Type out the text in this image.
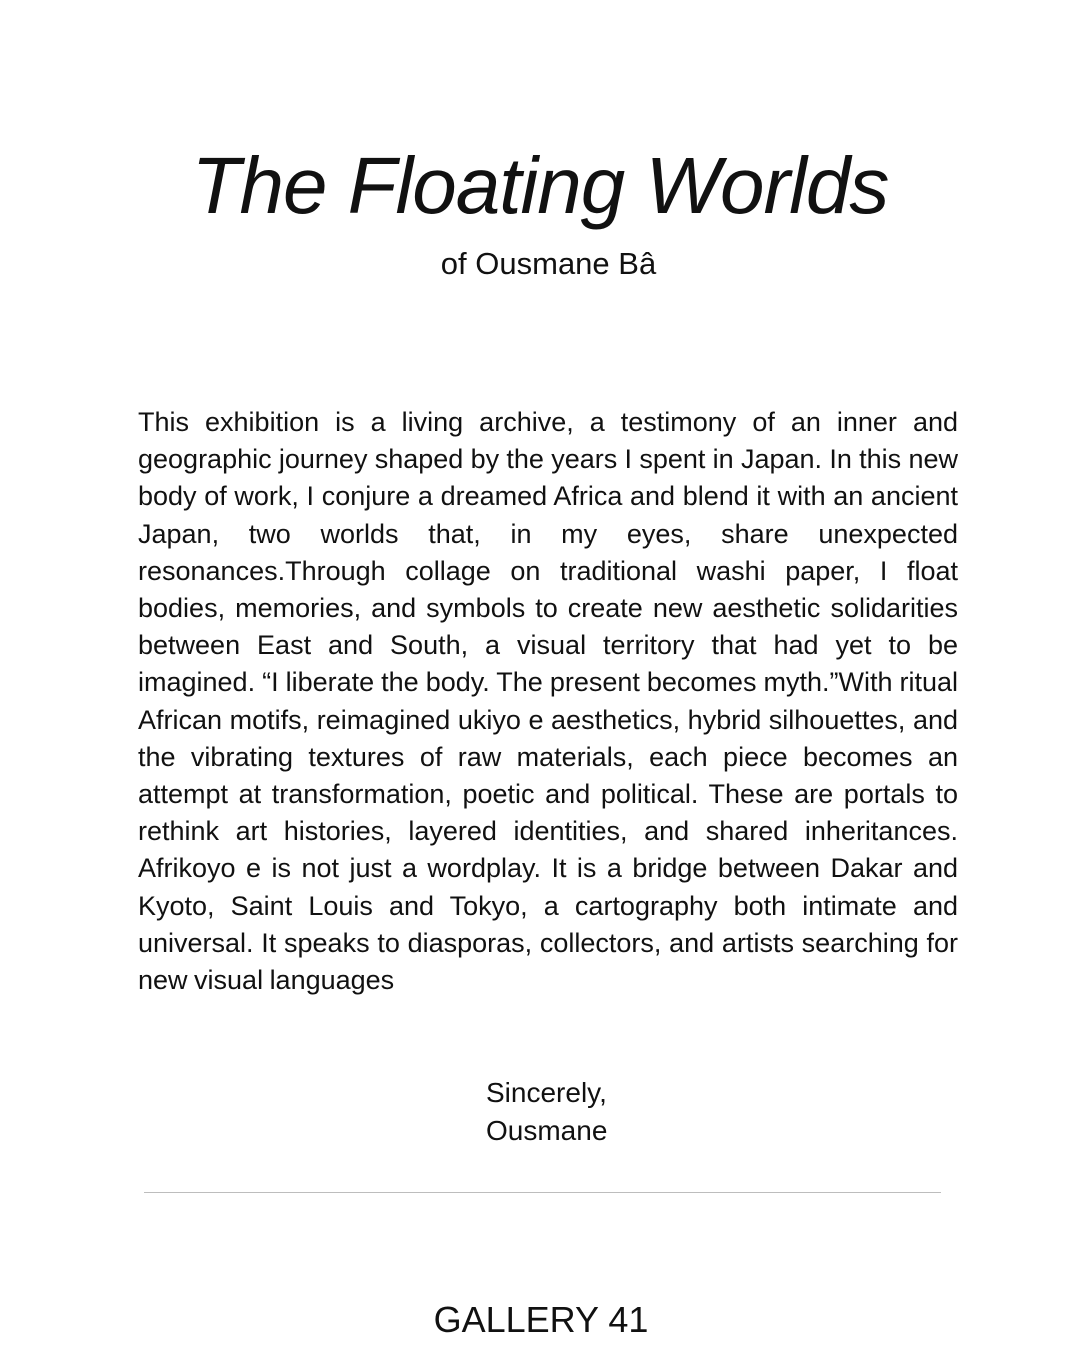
The Floating Worlds

of Ousmane Bâ

This exhibition is a living archive, a testimony of an inner and geographic journey shaped by the years I spent in Japan. In this new body of work, I conjure a dreamed Africa and blend it with an ancient Japan, two worlds that, in my eyes, share unexpected resonances.Through collage on traditional washi paper, I float bodies, memories, and symbols to create new aesthetic solidarities between East and South, a visual territory that had yet to be imagined. “I liberate the body. The present becomes myth.”With ritual African motifs, reimagined ukiyo e aesthetics, hybrid silhouettes, and the vibrating textures of raw materials, each piece becomes an attempt at transformation, poetic and political. These are portals to rethink art histories, layered identities, and shared inheritances. Afrikoyo e is not just a wordplay. It is a bridge between Dakar and Kyoto, Saint Louis and Tokyo, a cartography both intimate and universal. It speaks to diasporas, collectors, and artists searching for new visual languages

Sincerely,
Ousmane

GALLERY 41
